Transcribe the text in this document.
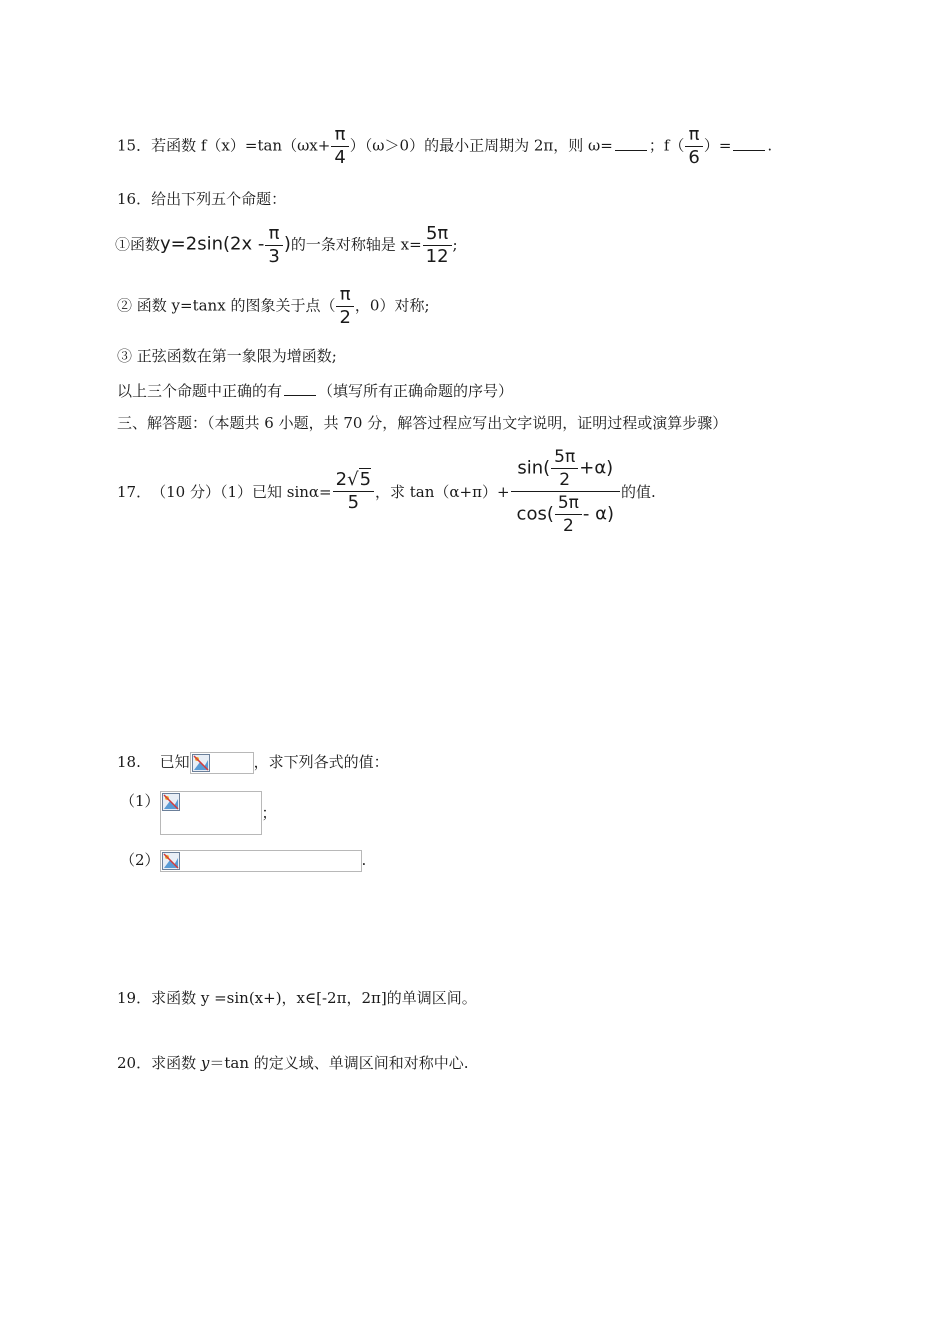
15．若函数 $f(x)=\tan(\omega x+ \frac{\pi}{4} )(\omega>0)$的最小正周期为 2π，则 ω= ；$f( \frac{\pi}{6}$ ）= .
16．给出下列五个命题：
①函数$y=2\sin(2x - \frac{\pi}{3}$ )的一条对称轴是 $x= \frac{5\pi}{12}$ ;
② 函数 y=tanx 的图象关于点（ $\frac{\pi}{2}$ ，0）对称;
③ 正弦函数在第一象限为增函数;
以上三个命题中正确的有 （填写所有正确命题的序号）
三、解答题：（本题共 6 小题，共 70 分，解答过程应写出文字说明，证明过程或演算步骤）
17．（10 分）（1）已知 $\sin\alpha= \frac{2√5}{5}$ ，求 $\tan(\alpha+\pi)+ \frac{\sin( \frac{5\pi}{2} +\alpha)}{\cos( \frac{5\pi}{2} - \alpha)}$ 的值.
18. 已知	，求下列各式的值：
（1）
；
（2）	.
19．求函数 y =sin(x+)，x∈[-2π，2π]的单调区间。
20．求函数 y＝tan 的定义域、单调区间和对称中心.
